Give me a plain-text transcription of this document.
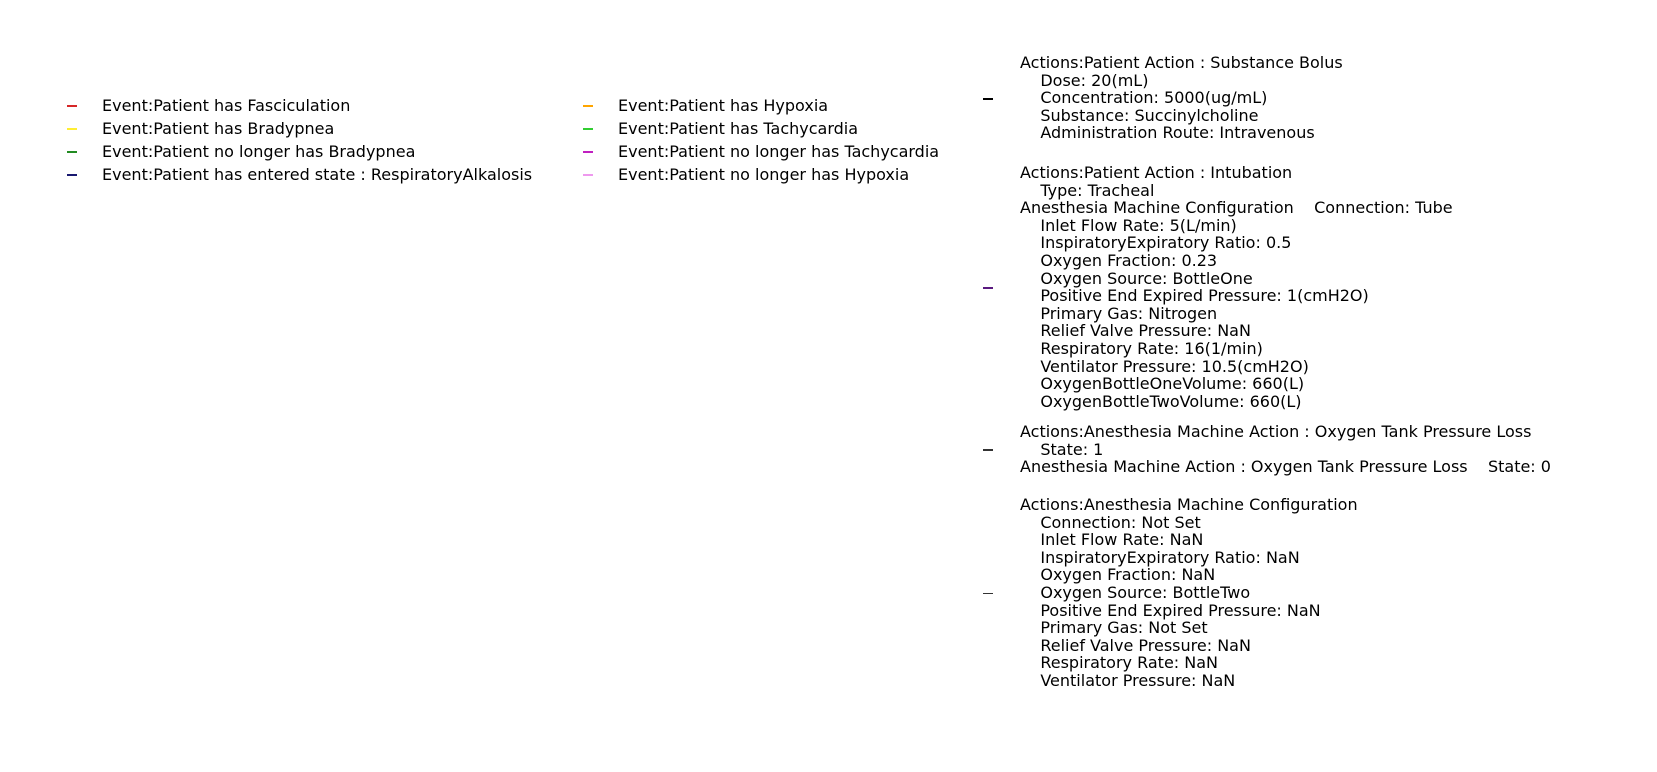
Event:Patient has Fasciculation
Event:Patient has Bradypnea
Event:Patient no longer has Bradypnea
Event:Patient has entered state : RespiratoryAlkalosis
Event:Patient has Hypoxia
Event:Patient has Tachycardia
Event:Patient no longer has Tachycardia
Event:Patient no longer has Hypoxia
Actions:Patient Action : Substance Bolus
Dose: 20(mL)
Concentration: 5000(ug/mL)
Substance: Succinylcholine
Administration Route: Intravenous
Actions:Patient Action : Intubation
Type: Tracheal
Anesthesia Machine Configuration    Connection: Tube
Inlet Flow Rate: 5(L/min)
InspiratoryExpiratory Ratio: 0.5
Oxygen Fraction: 0.23
Oxygen Source: BottleOne
Positive End Expired Pressure: 1(cmH2O)
Primary Gas: Nitrogen
Relief Valve Pressure: NaN
Respiratory Rate: 16(1/min)
Ventilator Pressure: 10.5(cmH2O)
OxygenBottleOneVolume: 660(L)
OxygenBottleTwoVolume: 660(L)
Actions:Anesthesia Machine Action : Oxygen Tank Pressure Loss
State: 1
Anesthesia Machine Action : Oxygen Tank Pressure Loss    State: 0
Actions:Anesthesia Machine Configuration
Connection: Not Set
Inlet Flow Rate: NaN
InspiratoryExpiratory Ratio: NaN
Oxygen Fraction: NaN
Oxygen Source: BottleTwo
Positive End Expired Pressure: NaN
Primary Gas: Not Set
Relief Valve Pressure: NaN
Respiratory Rate: NaN
Ventilator Pressure: NaN
